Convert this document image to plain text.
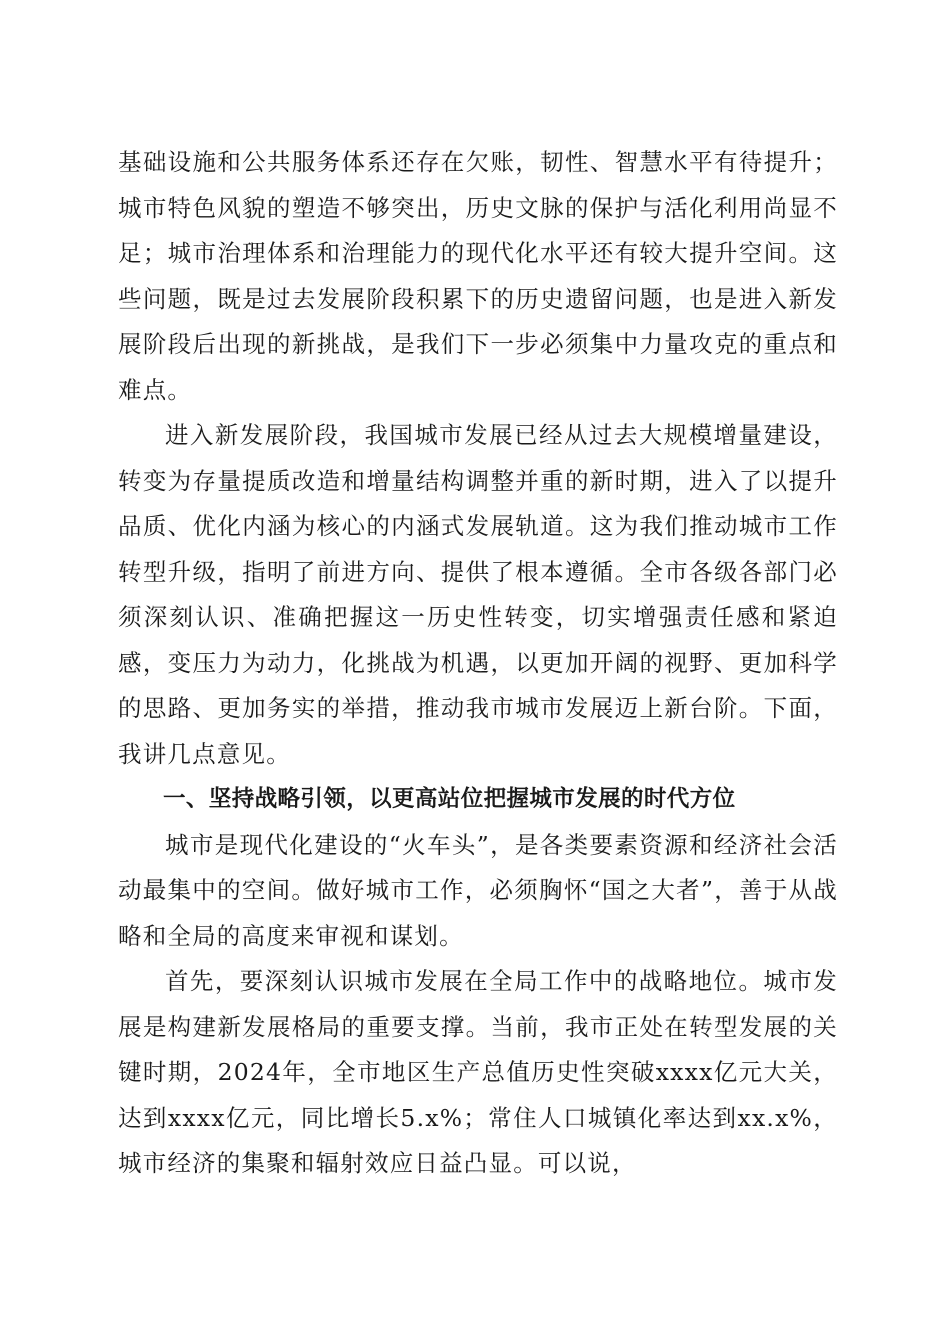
基础设施和公共服务体系还存在欠账，韧性、智慧水平有待提升；城市特色风貌的塑造不够突出，历史文脉的保护与活化利用尚显不足；城市治理体系和治理能力的现代化水平还有较大提升空间。这些问题，既是过去发展阶段积累下的历史遗留问题，也是进入新发展阶段后出现的新挑战，是我们下一步必须集中力量攻克的重点和难点。

进入新发展阶段，我国城市发展已经从过去大规模增量建设，转变为存量提质改造和增量结构调整并重的新时期，进入了以提升品质、优化内涵为核心的内涵式发展轨道。这为我们推动城市工作转型升级，指明了前进方向、提供了根本遵循。全市各级各部门必须深刻认识、准确把握这一历史性转变，切实增强责任感和紧迫感，变压力为动力，化挑战为机遇，以更加开阔的视野、更加科学的思路、更加务实的举措，推动我市城市发展迈上新台阶。下面，我讲几点意见。

一、坚持战略引领，以更高站位把握城市发展的时代方位

城市是现代化建设的“火车头”，是各类要素资源和经济社会活动最集中的空间。做好城市工作，必须胸怀“国之大者”，善于从战略和全局的高度来审视和谋划。

首先，要深刻认识城市发展在全局工作中的战略地位。城市发展是构建新发展格局的重要支撑。当前，我市正处在转型发展的关键时期，2024年，全市地区生产总值历史性突破xxxx亿元大关，达到xxxx亿元，同比增长5.x%；常住人口城镇化率达到xx.x%，城市经济的集聚和辐射效应日益凸显。可以说，
